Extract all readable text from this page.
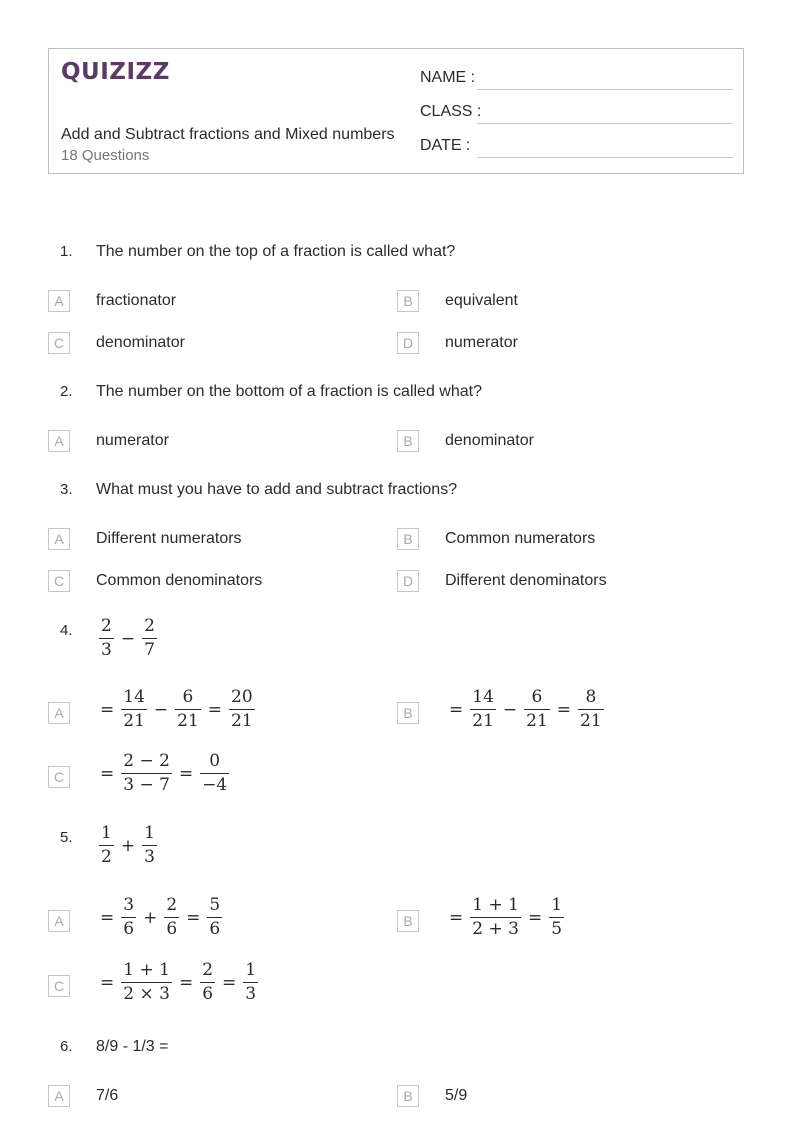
QUIZIZZ
Add and Subtract fractions and Mixed numbers
18 Questions
NAME :
CLASS :
DATE :
1. The number on the top of a fraction is called what?
A	fractionator	B	equivalent
C	denominator	D	numerator
2. The number on the bottom of a fraction is called what?
A	numerator	B	denominator
3. What must you have to add and subtract fractions?
A	Different numerators	B	Common numerators
C	Common denominators	D	Different denominators
4. $\frac{2}{3} - \frac{2}{7}$
A	= $\frac{14}{21} - \frac{6}{21} = \frac{20}{21}$	B	= $\frac{14}{21} - \frac{6}{21} = \frac{8}{21}$
C	= $\frac{2 - 2}{3 - 7} = \frac{0}{-4}$
5. $\frac{1}{2} + \frac{1}{3}$
A	= $\frac{3}{6} + \frac{2}{6} = \frac{5}{6}$	B	= $\frac{1 + 1}{2 + 3} = \frac{1}{5}$
C	= $\frac{1 + 1}{2 \times 3} = \frac{2}{6} = \frac{1}{3}$
6. 8/9 - 1/3 =
A	7/6	B	5/9
